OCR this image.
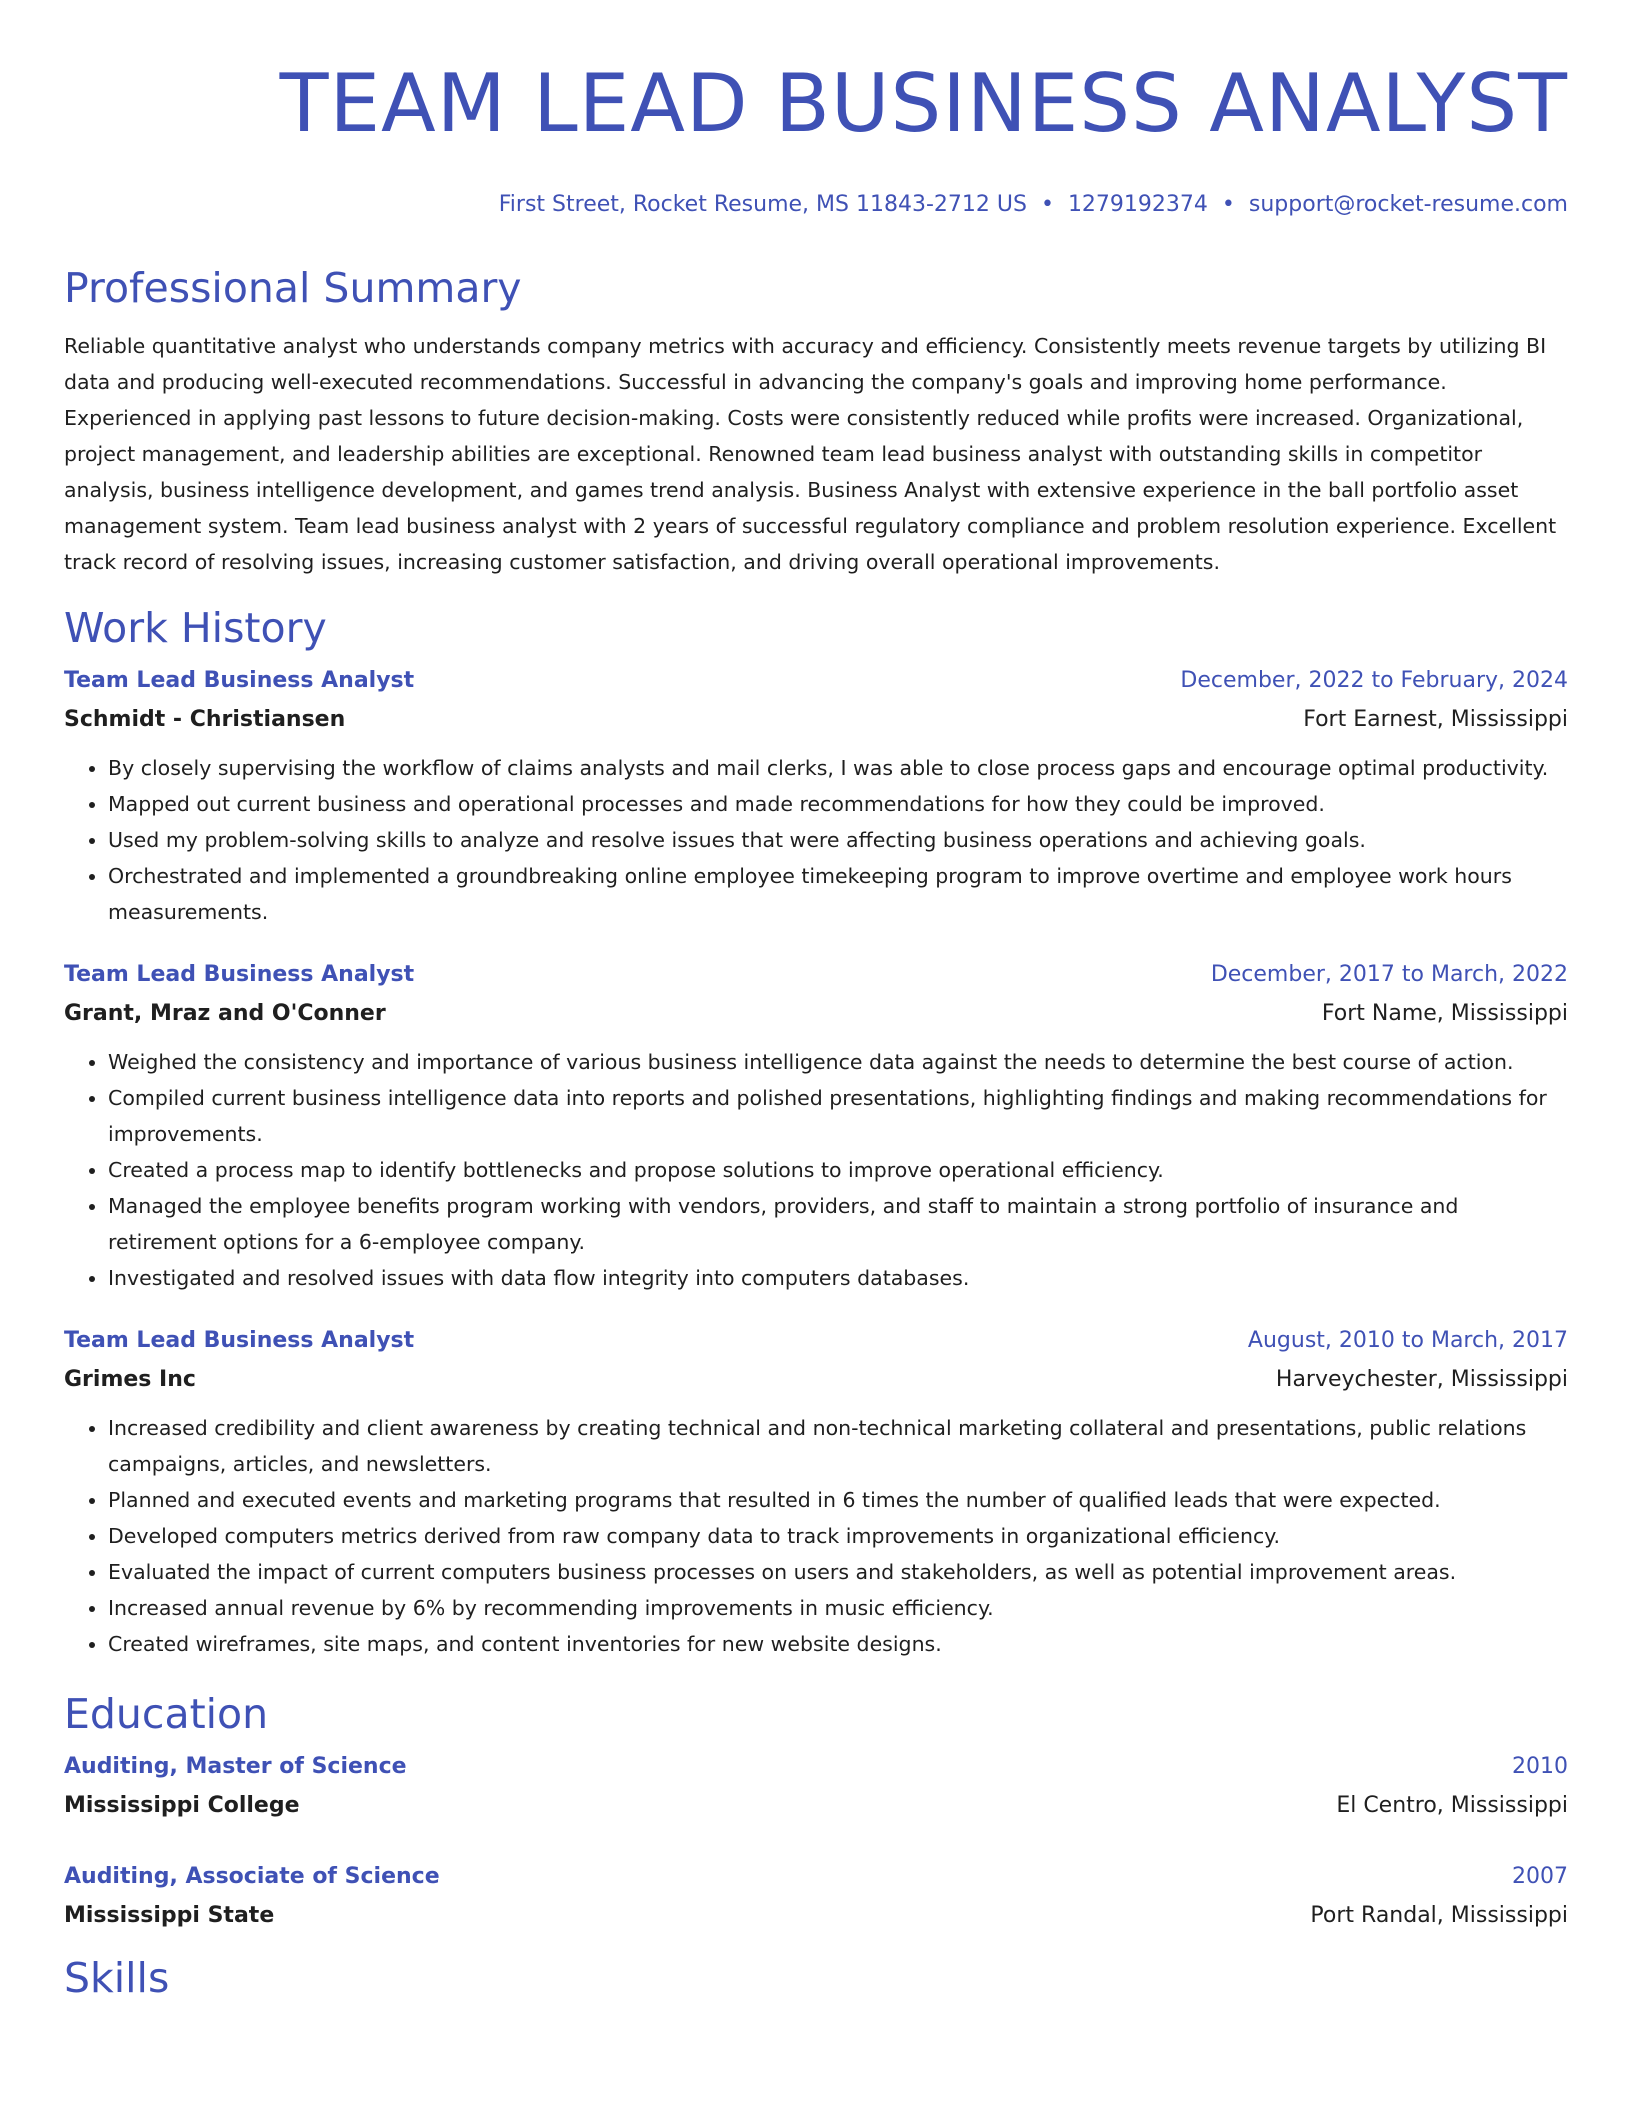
TEAM LEAD BUSINESS ANALYST
First Street, Rocket Resume, MS 11843-2712 US • 1279192374 • support@rocket-resume.com
Professional Summary

Reliable quantitative analyst who understands company metrics with accuracy and efficiency. Consistently meets revenue targets by utilizing BI data and producing well-executed recommendations. Successful in advancing the company's goals and improving home performance. Experienced in applying past lessons to future decision-making. Costs were consistently reduced while profits were increased. Organizational, project management, and leadership abilities are exceptional. Renowned team lead business analyst with outstanding skills in competitor analysis, business intelligence development, and games trend analysis. Business Analyst with extensive experience in the ball portfolio asset management system. Team lead business analyst with 2 years of successful regulatory compliance and problem resolution experience. Excellent track record of resolving issues, increasing customer satisfaction, and driving overall operational improvements.

Work History
Team Lead Business Analyst	December, 2022 to February, 2024
Schmidt - Christiansen	Fort Earnest, Mississippi
• By closely supervising the workflow of claims analysts and mail clerks, I was able to close process gaps and encourage optimal productivity.
• Mapped out current business and operational processes and made recommendations for how they could be improved.
• Used my problem-solving skills to analyze and resolve issues that were affecting business operations and achieving goals.
• Orchestrated and implemented a groundbreaking online employee timekeeping program to improve overtime and employee work hours measurements.
Team Lead Business Analyst	December, 2017 to March, 2022
Grant, Mraz and O'Conner	Fort Name, Mississippi
• Weighed the consistency and importance of various business intelligence data against the needs to determine the best course of action.
• Compiled current business intelligence data into reports and polished presentations, highlighting findings and making recommendations for improvements.
• Created a process map to identify bottlenecks and propose solutions to improve operational efficiency.
• Managed the employee benefits program working with vendors, providers, and staff to maintain a strong portfolio of insurance and retirement options for a 6-employee company.
• Investigated and resolved issues with data flow integrity into computers databases.
Team Lead Business Analyst	August, 2010 to March, 2017
Grimes Inc	Harveychester, Mississippi
• Increased credibility and client awareness by creating technical and non-technical marketing collateral and presentations, public relations campaigns, articles, and newsletters.
• Planned and executed events and marketing programs that resulted in 6 times the number of qualified leads that were expected.
• Developed computers metrics derived from raw company data to track improvements in organizational efficiency.
• Evaluated the impact of current computers business processes on users and stakeholders, as well as potential improvement areas.
• Increased annual revenue by 6% by recommending improvements in music efficiency.
• Created wireframes, site maps, and content inventories for new website designs.
Education
Auditing, Master of Science	2010
Mississippi College	El Centro, Mississippi
Auditing, Associate of Science	2007
Mississippi State	Port Randal, Mississippi
Skills
